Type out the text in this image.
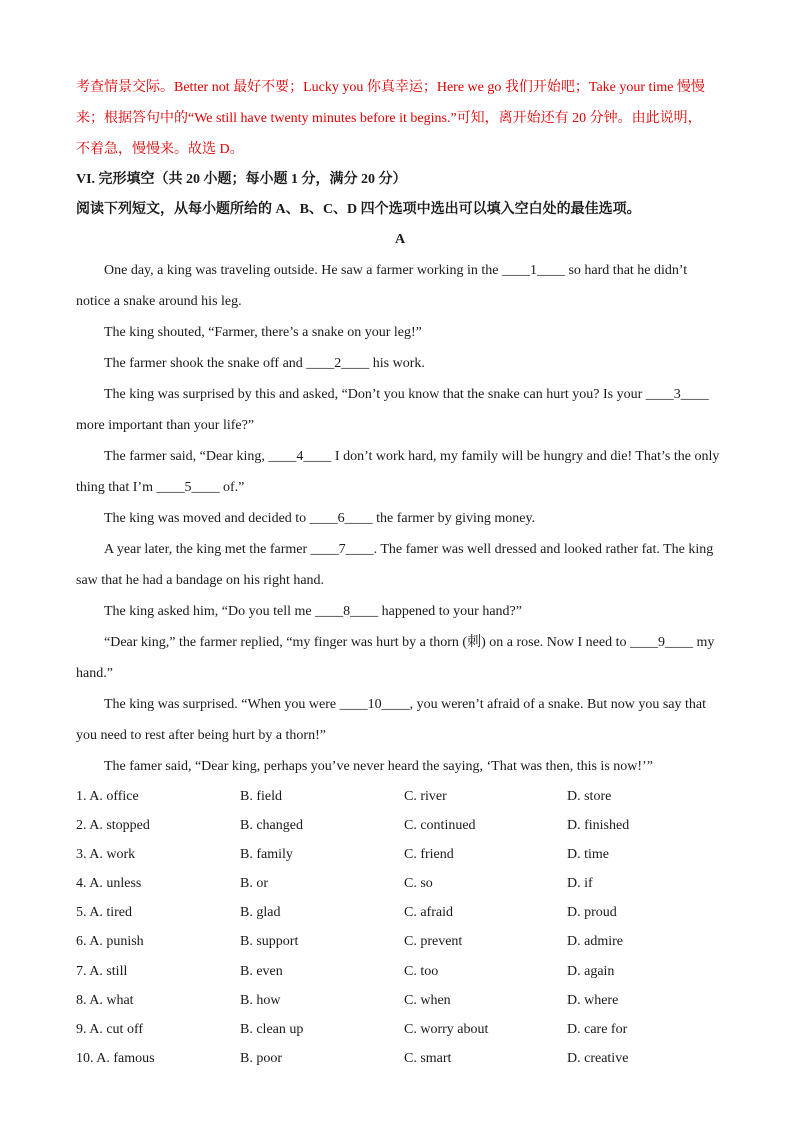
考查情景交际。Better not 最好不要；Lucky you 你真幸运；Here we go 我们开始吧；Take your time 慢慢
来；根据答句中的“We still have twenty minutes before it begins.”可知，离开始还有 20 分钟。由此说明，
不着急，慢慢来。故选 D。
VI. 完形填空（共 20 小题；每小题 1 分，满分 20 分）
阅读下列短文，从每小题所给的 A、B、C、D 四个选项中选出可以填入空白处的最佳选项。
A

One day, a king was traveling outside. He saw a farmer working in the ____1____ so hard that he didn’t notice a snake around his leg.

The king shouted, “Farmer, there’s a snake on your leg!”

The farmer shook the snake off and ____2____ his work.

The king was surprised by this and asked, “Don’t you know that the snake can hurt you? Is your ____3____ more important than your life?”

The farmer said, “Dear king, ____4____ I don’t work hard, my family will be hungry and die! That’s the only thing that I’m ____5____ of.”

The king was moved and decided to ____6____ the farmer by giving money.

A year later, the king met the farmer ____7____. The famer was well dressed and looked rather fat. The king saw that he had a bandage on his right hand.

The king asked him, “Do you tell me ____8____ happened to your hand?”

“Dear king,” the farmer replied, “my finger was hurt by a thorn (刺) on a rose. Now I need to ____9____ my hand.”

The king was surprised. “When you were ____10____, you weren’t afraid of a snake. But now you say that you need to rest after being hurt by a thorn!”

The famer said, “Dear king, perhaps you’ve never heard the saying, ‘That was then, this is now!’”

1. A. office	B. field	C. river	D. store
2. A. stopped	B. changed	C. continued	D. finished
3. A. work	B. family	C. friend	D. time
4. A. unless	B. or	C. so	D. if
5. A. tired	B. glad	C. afraid	D. proud
6. A. punish	B. support	C. prevent	D. admire
7. A. still	B. even	C. too	D. again
8. A. what	B. how	C. when	D. where
9. A. cut off	B. clean up	C. worry about	D. care for
10. A. famous	B. poor	C. smart	D. creative
